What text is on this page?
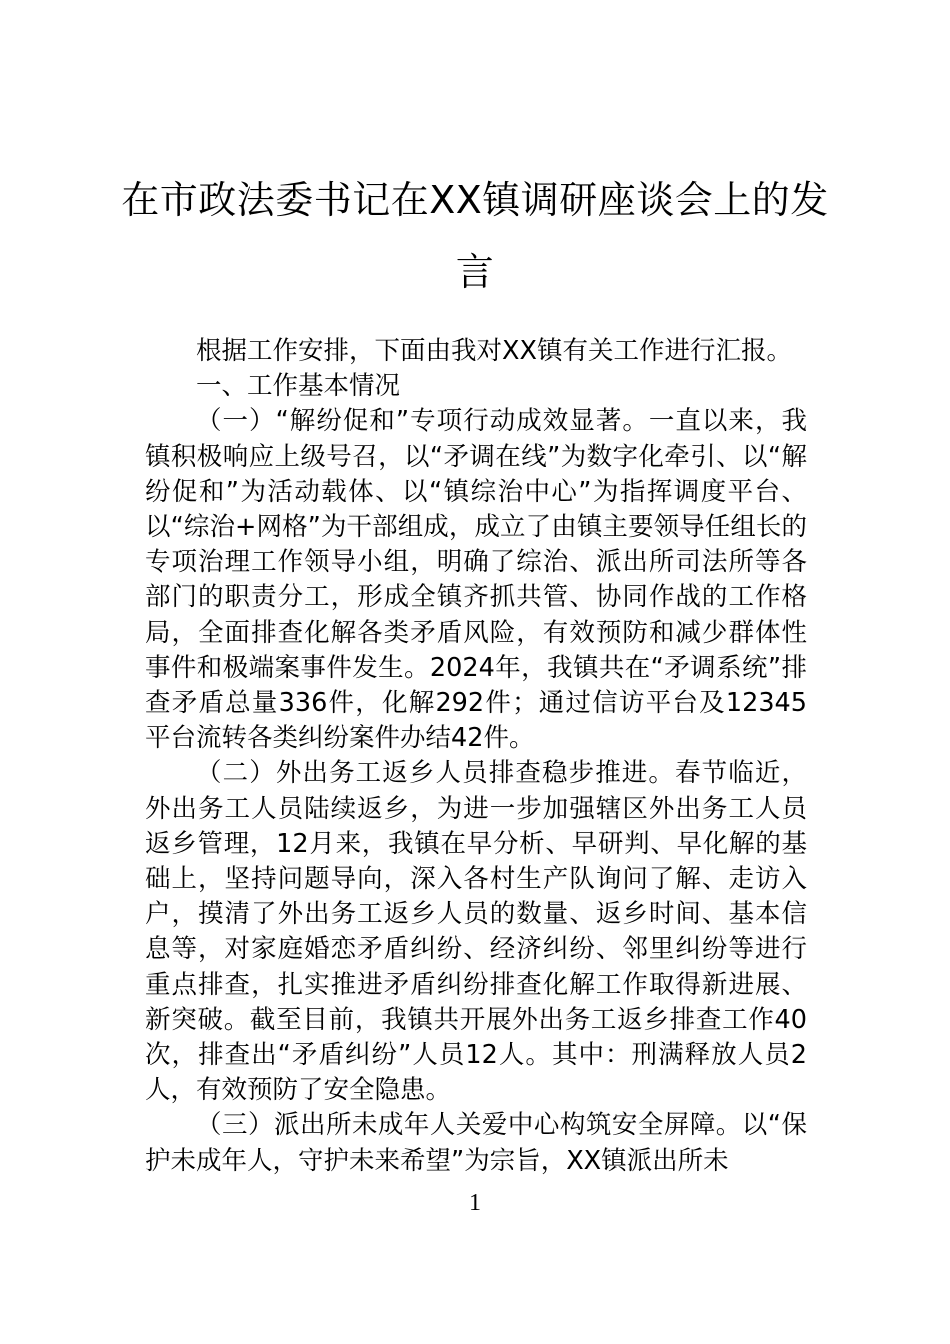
在市政法委书记在XX镇调研座谈会上的发言

根据工作安排，下面由我对XX镇有关工作进行汇报。

一、工作基本情况

（一）“解纷促和”专项行动成效显著。一直以来，我镇积极响应上级号召，以“矛调在线”为数字化牵引、以“解纷促和”为活动载体、以“镇综治中心”为指挥调度平台、以“综治+网格”为干部组成，成立了由镇主要领导任组长的专项治理工作领导小组，明确了综治、派出所司法所等各部门的职责分工，形成全镇齐抓共管、协同作战的工作格局，全面排查化解各类矛盾风险，有效预防和减少群体性事件和极端案事件发生。2024年，我镇共在“矛调系统”排查矛盾总量336件，化解292件；通过信访平台及12345平台流转各类纠纷案件办结42件。

（二）外出务工返乡人员排查稳步推进。春节临近，外出务工人员陆续返乡，为进一步加强辖区外出务工人员返乡管理，12月来，我镇在早分析、早研判、早化解的基础上，坚持问题导向，深入各村生产队询问了解、走访入户，摸清了外出务工返乡人员的数量、返乡时间、基本信息等，对家庭婚恋矛盾纠纷、经济纠纷、邻里纠纷等进行重点排查，扎实推进矛盾纠纷排查化解工作取得新进展、新突破。截至目前，我镇共开展外出务工返乡排查工作40次，排查出“矛盾纠纷”人员12人。其中：刑满释放人员2人，有效预防了安全隐患。

（三）派出所未成年人关爱中心构筑安全屏障。以“保护未成年人，守护未来希望”为宗旨，XX镇派出所未

1
